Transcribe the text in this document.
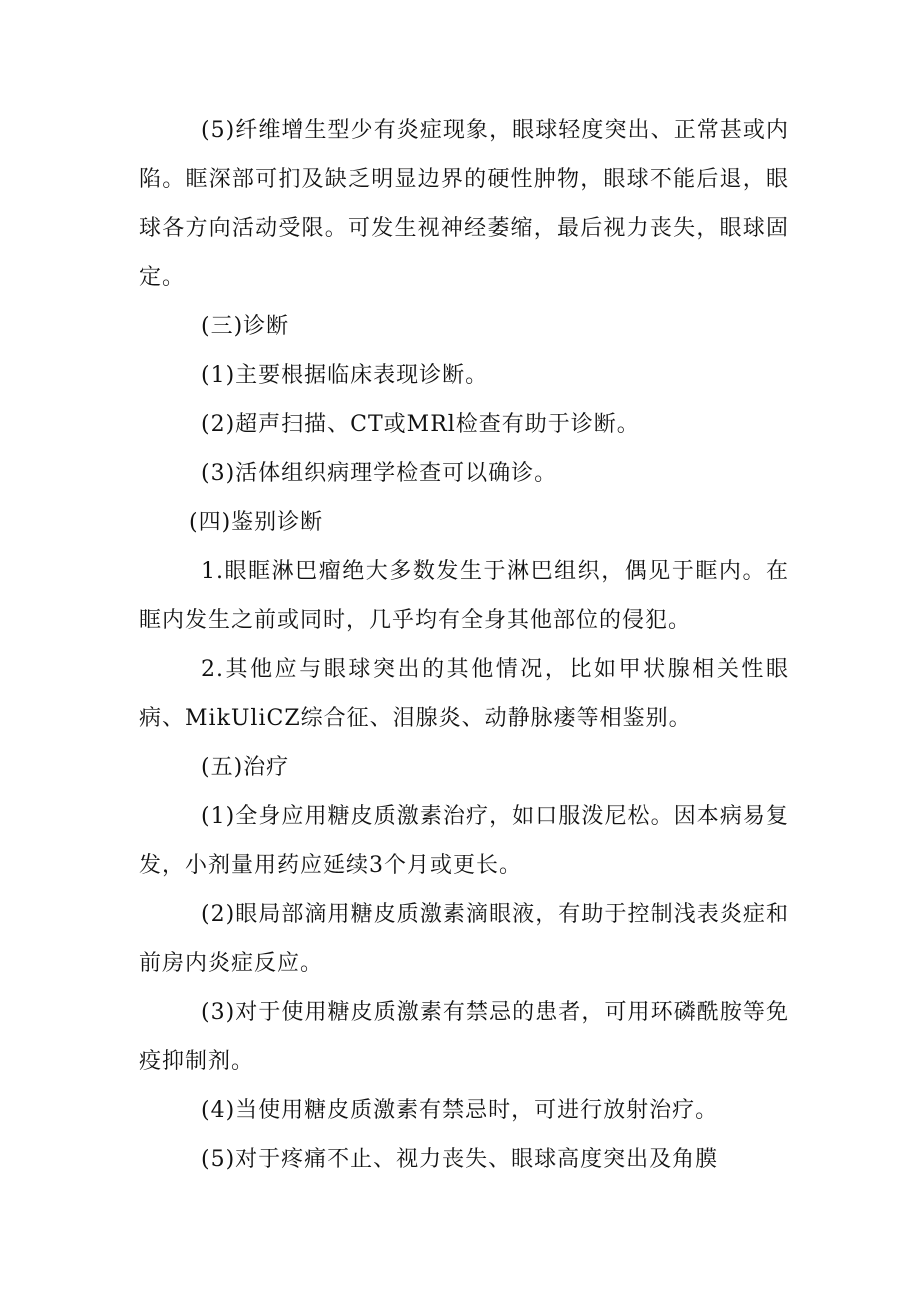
(5)纤维增生型少有炎症现象，眼球轻度突出、正常甚或内陷。眶深部可扪及缺乏明显边界的硬性肿物，眼球不能后退，眼球各方向活动受限。可发生视神经萎缩，最后视力丧失，眼球固定。

(三)诊断

(1)主要根据临床表现诊断。

(2)超声扫描、CT或MRl检查有助于诊断。

(3)活体组织病理学检查可以确诊。

(四)鉴别诊断

1.眼眶淋巴瘤绝大多数发生于淋巴组织，偶见于眶内。在眶内发生之前或同时，几乎均有全身其他部位的侵犯。

2.其他应与眼球突出的其他情况，比如甲状腺相关性眼病、MikUliCZ综合征、泪腺炎、动静脉瘘等相鉴别。

(五)治疗

(1)全身应用糖皮质激素治疗，如口服泼尼松。因本病易复发，小剂量用药应延续3个月或更长。

(2)眼局部滴用糖皮质激素滴眼液，有助于控制浅表炎症和前房内炎症反应。

(3)对于使用糖皮质激素有禁忌的患者，可用环磷酰胺等免疫抑制剂。

(4)当使用糖皮质激素有禁忌时，可进行放射治疗。

(5)对于疼痛不止、视力丧失、眼球高度突出及角膜
